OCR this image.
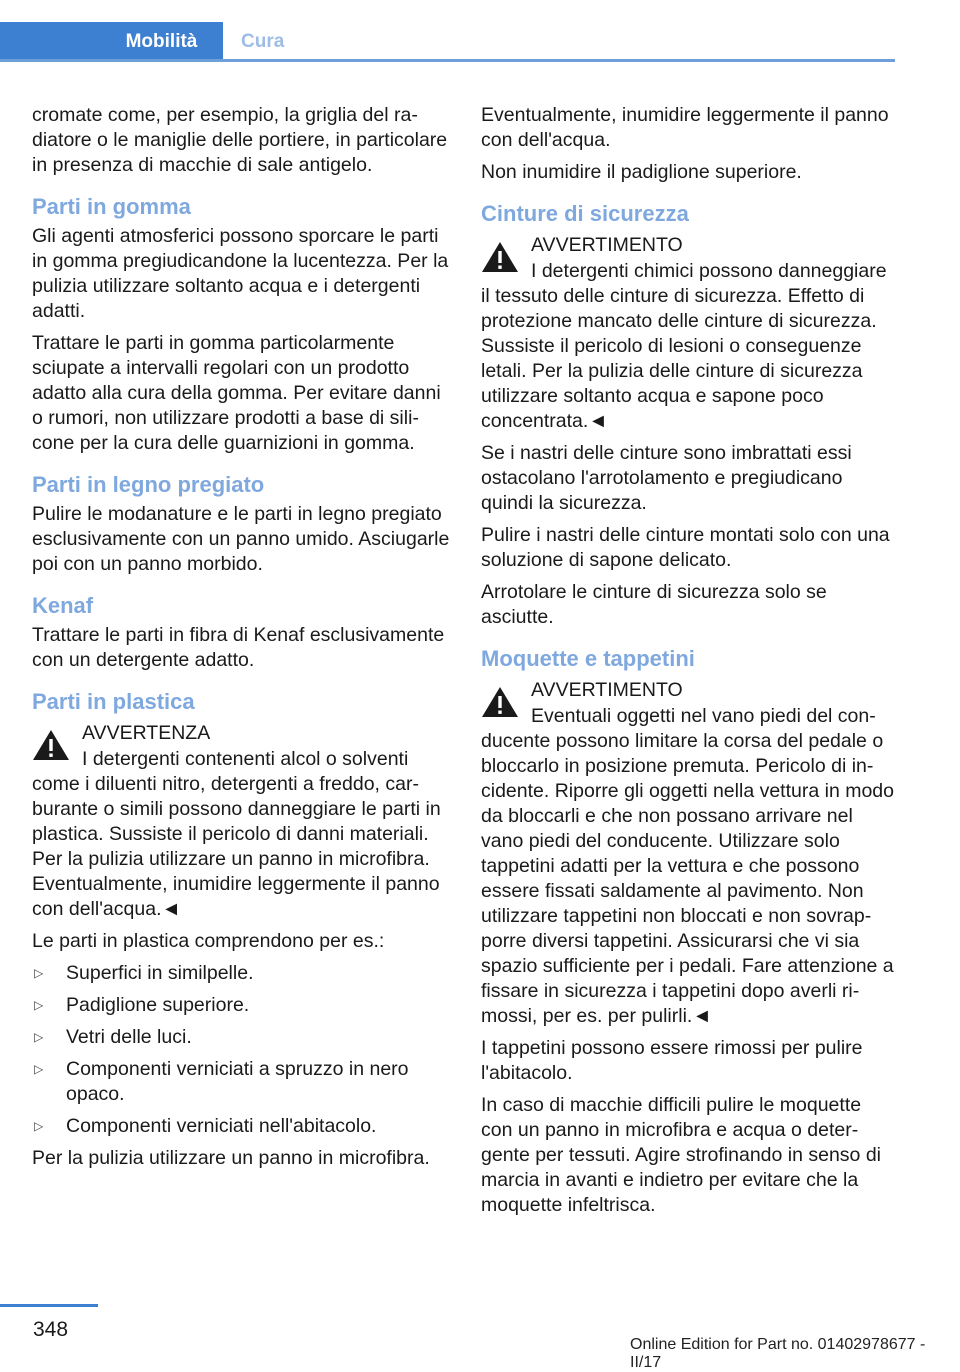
Mobilità	Cura

cromate come, per esempio, la griglia del radiatore o le maniglie delle portiere, in particolare in presenza di macchie di sale antigelo.

Parti in gomma

Gli agenti atmosferici possono sporcare le parti in gomma pregiudicandone la lucentezza. Per la pulizia utilizzare soltanto acqua e i detergenti adatti.

Trattare le parti in gomma particolarmente sciupate a intervalli regolari con un prodotto adatto alla cura della gomma. Per evitare danni o rumori, non utilizzare prodotti a base di silicone per la cura delle guarnizioni in gomma.

Parti in legno pregiato

Pulire le modanature e le parti in legno pregiato esclusivamente con un panno umido. Asciugarle poi con un panno morbido.

Kenaf

Trattare le parti in fibra di Kenaf esclusivamente con un detergente adatto.

Parti in plastica
AVVERTENZA
I detergenti contenenti alcol o solventi come i diluenti nitro, detergenti a freddo, carburante o simili possono danneggiare le parti in plastica. Sussiste il pericolo di danni materiali. Per la pulizia utilizzare un panno in microfibra. Eventualmente, inumidire leggermente il panno con dell'acqua.◄

Le parti in plastica comprendono per es.:

▷ Superfici in similpelle.
▷ Padiglione superiore.
▷ Vetri delle luci.
▷ Componenti verniciati a spruzzo in nero opaco.
▷ Componenti verniciati nell'abitacolo.

Per la pulizia utilizzare un panno in microfibra.

Eventualmente, inumidire leggermente il panno con dell'acqua.

Non inumidire il padiglione superiore.

Cinture di sicurezza
AVVERTIMENTO
I detergenti chimici possono danneggiare il tessuto delle cinture di sicurezza. Effetto di protezione mancato delle cinture di sicurezza. Sussiste il pericolo di lesioni o conseguenze letali. Per la pulizia delle cinture di sicurezza utilizzare soltanto acqua e sapone poco concentrata.◄

Se i nastri delle cinture sono imbrattati essi ostacolano l'arrotolamento e pregiudicano quindi la sicurezza.

Pulire i nastri delle cinture montati solo con una soluzione di sapone delicato.

Arrotolare le cinture di sicurezza solo se asciutte.

Moquette e tappetini
AVVERTIMENTO
Eventuali oggetti nel vano piedi del conducente possono limitare la corsa del pedale o bloccarlo in posizione premuta. Pericolo di incidente. Riporre gli oggetti nella vettura in modo da bloccarli e che non possano arrivare nel vano piedi del conducente. Utilizzare solo tappetini adatti per la vettura e che possono essere fissati saldamente al pavimento. Non utilizzare tappetini non bloccati e non sovrapporre diversi tappetini. Assicurarsi che vi sia spazio sufficiente per i pedali. Fare attenzione a fissare in sicurezza i tappetini dopo averli rimossi, per es. per pulirli.◄

I tappetini possono essere rimossi per pulire l'abitacolo.

In caso di macchie difficili pulire le moquette con un panno in microfibra e acqua o detergente per tessuti. Agire strofinando in senso di marcia in avanti e indietro per evitare che la moquette infeltrisca.

348
Online Edition for Part no. 01402978677 - II/17
